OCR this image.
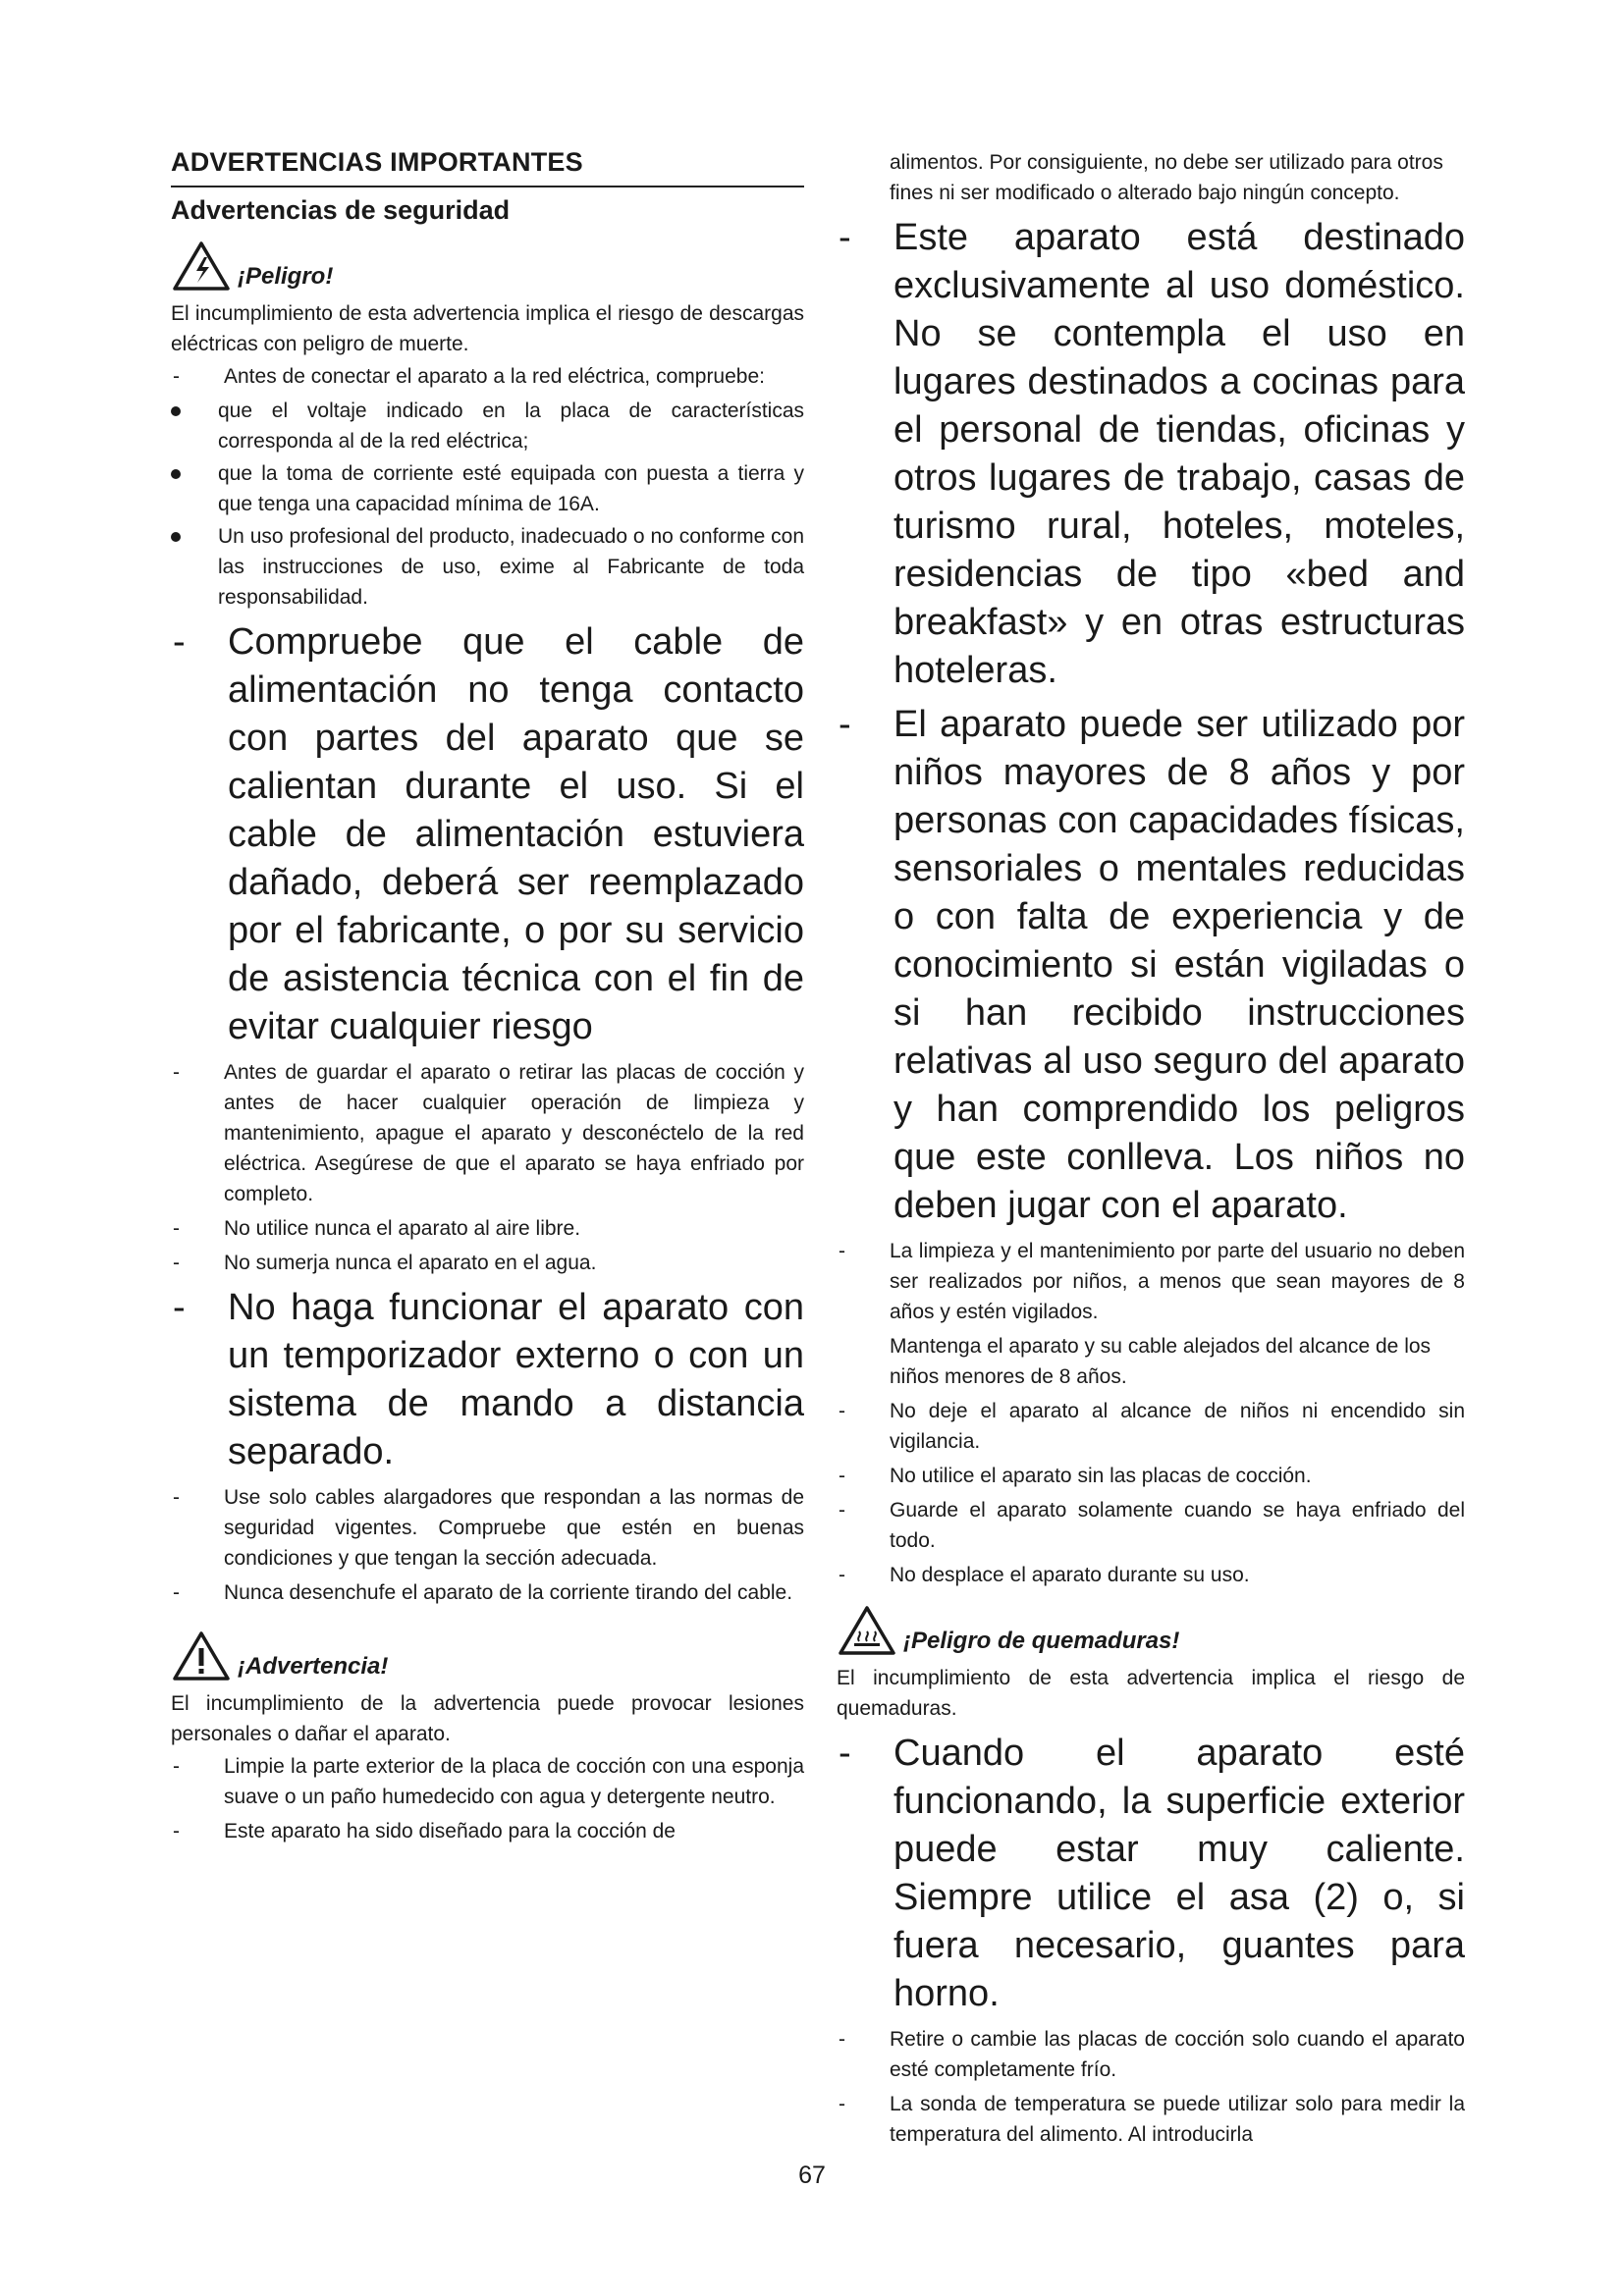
ADVERTENCIAS IMPORTANTES
Advertencias de seguridad
¡Peligro!

El incumplimiento de esta advertencia implica el riesgo de descargas eléctricas con peligro de muerte.

-	Antes de conectar el aparato a la red eléctrica, compruebe:
que el voltaje indicado en la placa de características corresponda al de la red eléctrica;
que la toma de corriente esté equipada con puesta a tierra y que tenga una capacidad mínima de 16A.
Un uso profesional del producto, inadecuado o no conforme con las instrucciones de uso, exime al Fabricante de toda responsabilidad.
-	Compruebe que el cable de alimentación no tenga contacto con partes del aparato que se calientan durante el uso. Si el cable de alimentación estuviera dañado, deberá ser reemplazado por el fabricante, o por su servicio de asistencia técnica con el fin de evitar cualquier riesgo
-	Antes de guardar el aparato o retirar las placas de cocción y antes de hacer cualquier operación de limpieza y mantenimiento, apague el aparato y desconéctelo de la red eléctrica. Asegúrese de que el aparato se haya enfriado por completo.
-	No utilice nunca el aparato al aire libre.
-	No sumerja nunca el aparato en el agua.
-	No haga funcionar el aparato con un temporizador externo o con un sistema de mando a distancia separado.
-	Use solo cables alargadores que respondan a las normas de seguridad vigentes. Compruebe que estén en buenas condiciones y que tengan la sección adecuada.
-	Nunca desenchufe el aparato de la corriente tirando del cable.
¡Advertencia!

El incumplimiento de la advertencia puede provocar lesiones personales o dañar el aparato.

-	Limpie la parte exterior de la placa de cocción con una esponja suave o un paño humedecido con agua y detergente neutro.
-	Este aparato ha sido diseñado para la cocción de
alimentos. Por consiguiente, no debe ser utilizado para otros fines ni ser modificado o alterado bajo ningún concepto.
-	Este aparato está destinado exclusivamente al uso doméstico. No se contempla el uso en lugares destinados a cocinas para el personal de tiendas, oficinas y otros lugares de trabajo, casas de turismo rural, hoteles, moteles, residencias de tipo «bed and breakfast» y en otras estructuras hoteleras.
-	El aparato puede ser utilizado por niños mayores de 8 años y por personas con capacidades físicas, sensoriales o mentales reducidas o con falta de experiencia y de conocimiento si están vigiladas o si han recibido instrucciones relativas al uso seguro del aparato y han comprendido los peligros que este conlleva. Los niños no deben jugar con el aparato.
-	La limpieza y el mantenimiento por parte del usuario no deben ser realizados por niños, a menos que sean mayores de 8 años y estén vigilados.
Mantenga el aparato y su cable alejados del alcance de los niños menores de 8 años.
-	No deje el aparato al alcance de niños ni encendido sin vigilancia.
-	No utilice el aparato sin las placas de cocción.
-	Guarde el aparato solamente cuando se haya enfriado del todo.
-	No desplace el aparato durante su uso.
¡Peligro de quemaduras!

El incumplimiento de esta advertencia implica el riesgo de quemaduras.

-	Cuando el aparato esté funcionando, la superficie exterior puede estar muy caliente. Siempre utilice el asa (2) o, si fuera necesario, guantes para horno.
-	Retire o cambie las placas de cocción solo cuando el aparato esté completamente frío.
-	La sonda de temperatura se puede utilizar solo para medir la temperatura del alimento. Al introducirla
67
